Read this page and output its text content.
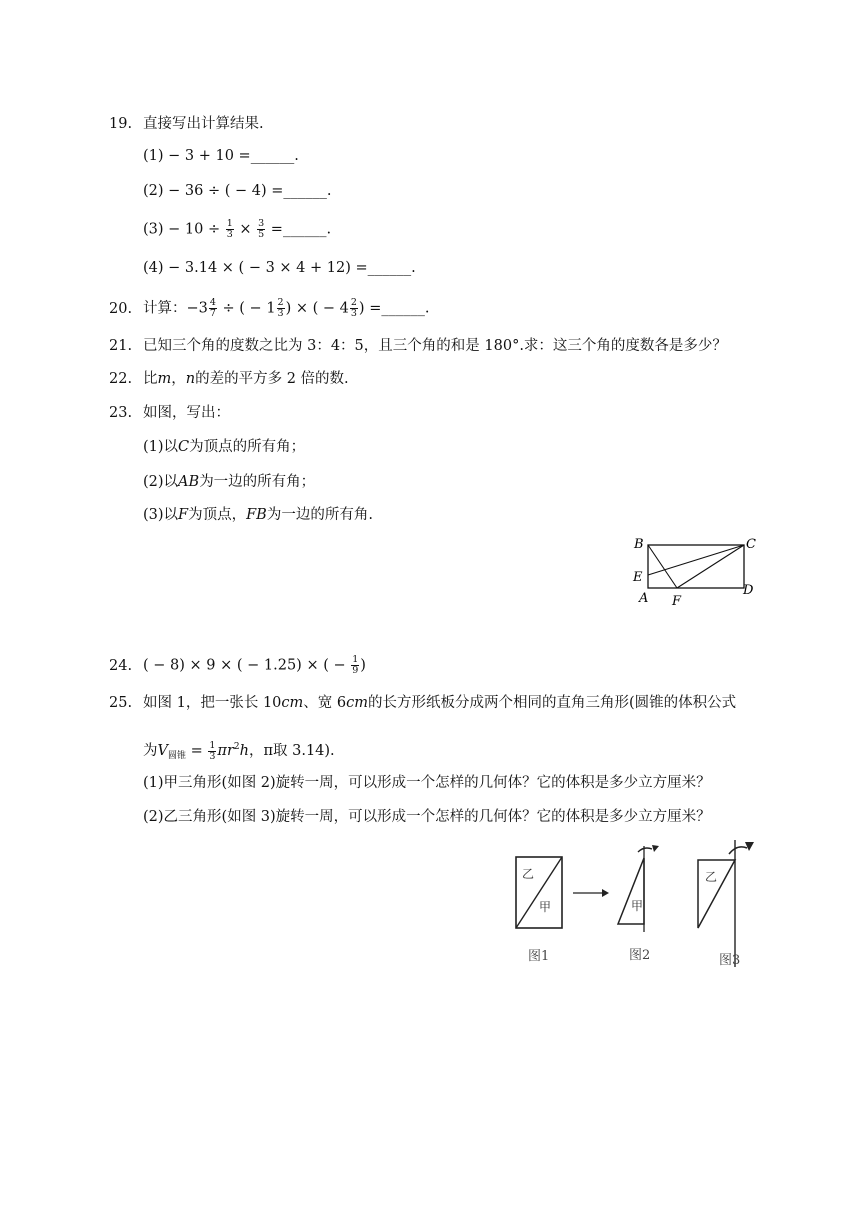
19. 直接写出计算结果.
(1) − 3 + 10 =______.
(2) − 36 ÷ ( − 4) =______.
$(3) - 10 \div \frac{1}{3} \times \frac{3}{5}$ =______.
(4) − 3.14 × ( − 3 × 4 + 12) =______.
20. 计算：$-3 \frac{4}{7}$ ÷ ( − $1 \frac{2}{3}$ ) × ( − $4 \frac{2}{3}$ ) =______.
21. 已知三个角的度数之比为 3：4：5，且三个角的和是 180°.求：这三个角的度数各是多少？
22. 比m，n的差的平方多 2 倍的数.
23. 如图，写出：
(1)以C为顶点的所有角；
(2)以AB为一边的所有角；
(3)以F为顶点，FB为一边的所有角.
B	C
E
A F
D
24. ( − 8) × 9 × ( − 1.25) × ( − $\frac{1}{9}$ )
25. 如图 1，把一张长 10cm、宽 6cm的长方形纸板分成两个相同的直角三角形(圆锥的体积公式
为$V_{圆锥} = \frac{1}{3} \pi r^2h$，π取 3.14).
(1)甲三角形(如图 2)旋转一周，可以形成一个怎样的几何体？它的体积是多少立方厘米？
(2)乙三角形(如图 3)旋转一周，可以形成一个怎样的几何体？它的体积是多少立方厘米？
乙
甲	甲
乙
图1	图2	图3
